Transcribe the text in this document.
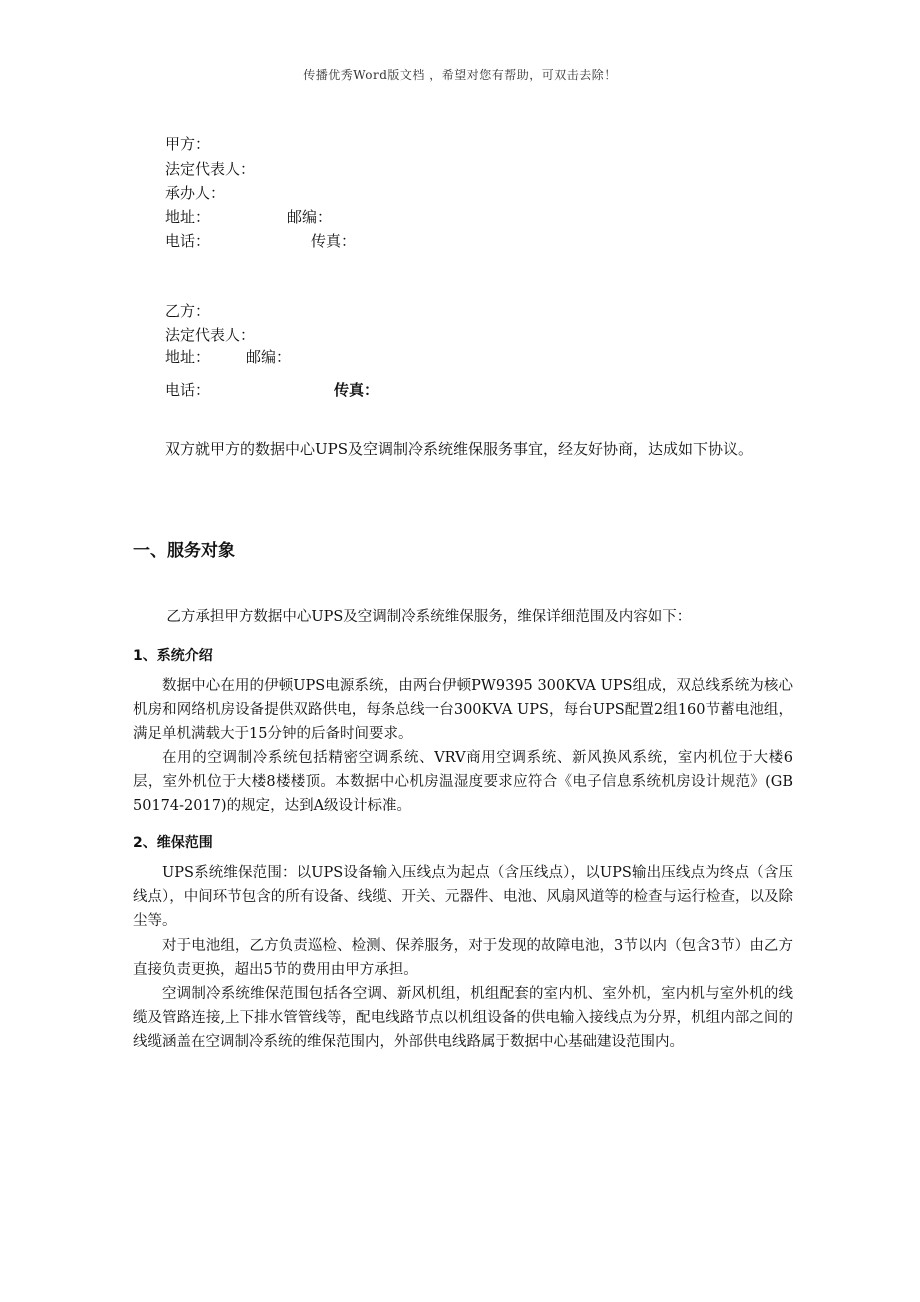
传播优秀Word版文档 ，希望对您有帮助，可双击去除！
甲方：
法定代表人：
承办人：
地址：	邮编：
电话：	传真：
乙方：
法定代表人：
地址： 邮编：
电话：	传真：
双方就甲方的数据中心UPS及空调制冷系统维保服务事宜，经友好协商，达成如下协议。
一、服务对象

乙方承担甲方数据中心UPS及空调制冷系统维保服务，维保详细范围及内容如下：

1、系统介绍

数据中心在用的伊顿UPS电源系统，由两台伊顿PW9395 300KVA UPS组成，双总线系统为核心机房和网络机房设备提供双路供电，每条总线一台300KVA UPS，每台UPS配置2组160节蓄电池组，满足单机满载大于15分钟的后备时间要求。

在用的空调制冷系统包括精密空调系统、VRV商用空调系统、新风换风系统，室内机位于大楼6层，室外机位于大楼8楼楼顶。本数据中心机房温湿度要求应符合《电子信息系统机房设计规范》(GB 50174-2017)的规定，达到A级设计标准。

2、维保范围

UPS系统维保范围：以UPS设备输入压线点为起点（含压线点），以UPS输出压线点为终点（含压线点），中间环节包含的所有设备、线缆、开关、元器件、电池、风扇风道等的检查与运行检查，以及除尘等。

对于电池组，乙方负责巡检、检测、保养服务，对于发现的故障电池，3节以内（包含3节）由乙方直接负责更换，超出5节的费用由甲方承担。

空调制冷系统维保范围包括各空调、新风机组，机组配套的室内机、室外机，室内机与室外机的线缆及管路连接,上下排水管管线等，配电线路节点以机组设备的供电输入接线点为分界，机组内部之间的线缆涵盖在空调制冷系统的维保范围内，外部供电线路属于数据中心基础建设范围内。
